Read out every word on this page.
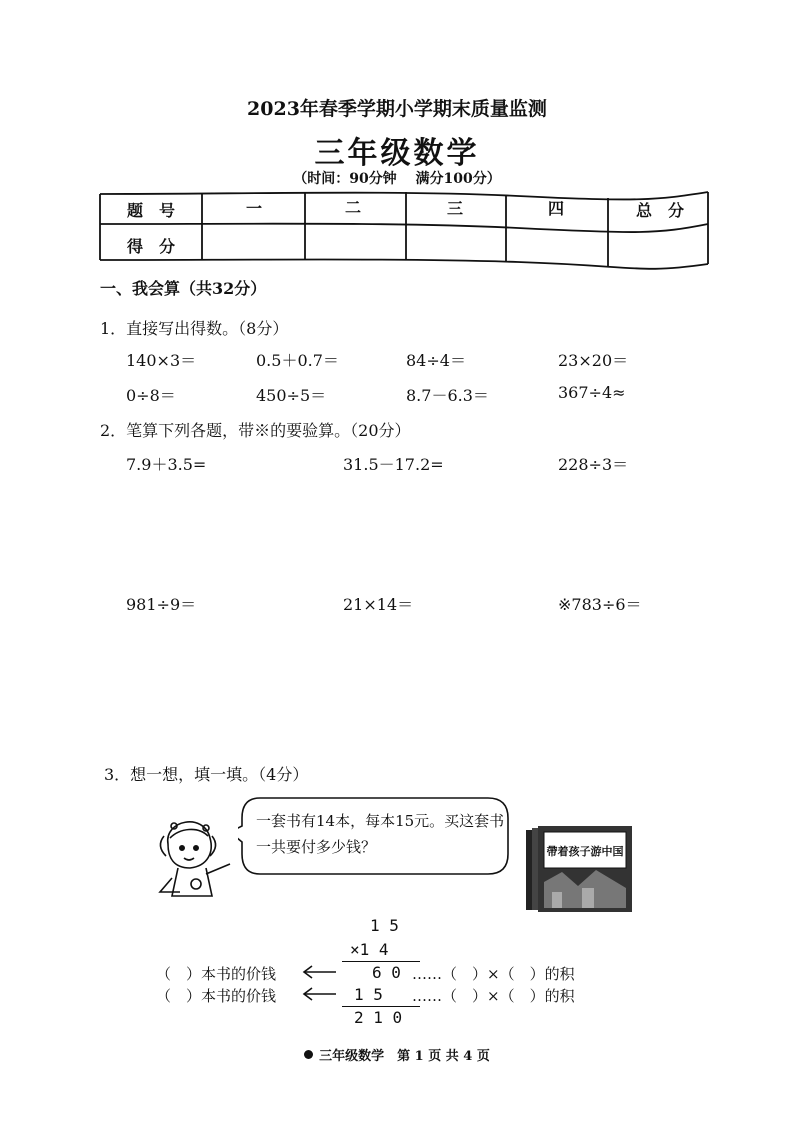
2023年春季学期小学期末质量监测
三年级数学
（时间：90分钟　 满分100分）
题　号	一	二	三	四	总　分
得　分
一、我会算（共32分）
1．直接写出得数。（8分）
140×3＝	0.5＋0.7＝	84÷4＝	23×20＝
0÷8＝	450÷5＝	8.7－6.3＝	367÷4≈
2．笔算下列各题，带※的要验算。（20分）
7.9＋3.5=	31.5－17.2=	228÷3＝
981÷9＝	21×14＝	※783÷6＝
3．想一想，填一填。（4分）
一套书有14本，每本15元。买这套书一共要付多少钱？	帶着孩子游中国
1 5
×1 4
6 0
1 5
2 1 0
（　）本书的价钱
（　）本书的价钱
……（　）×（　）的积
……（　）×（　）的积
三年级数学　第 1 页 共 4 页
